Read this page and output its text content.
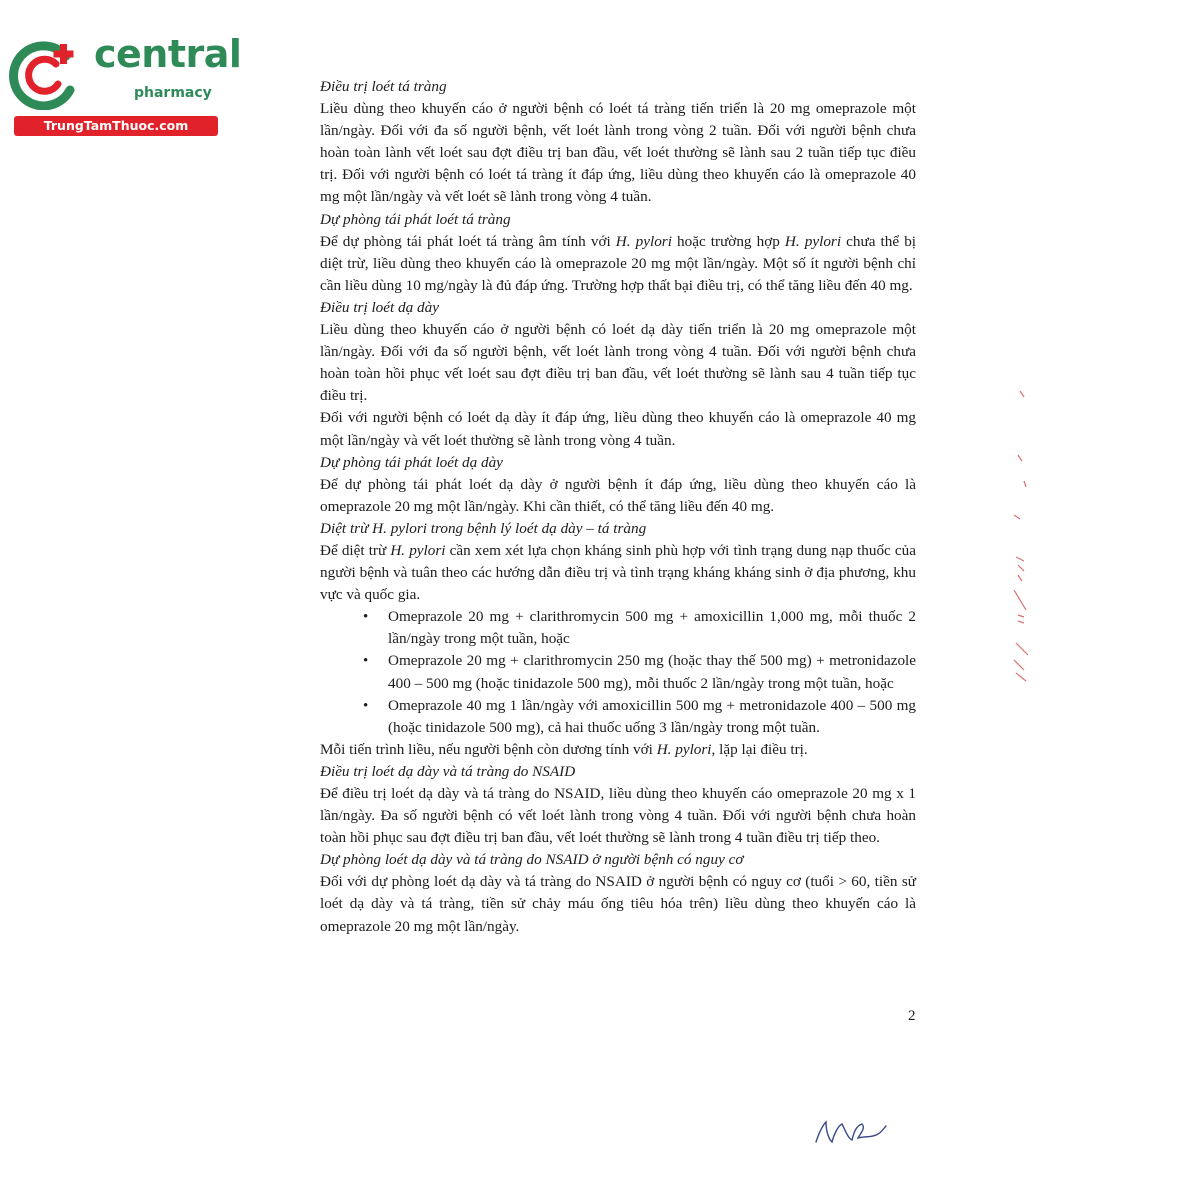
central
pharmacy
TrungTamThuoc.com

Điều trị loét tá tràng

Liều dùng theo khuyến cáo ở người bệnh có loét tá tràng tiến triển là 20 mg omeprazole một lần/ngày. Đối với đa số người bệnh, vết loét lành trong vòng 2 tuần. Đối với người bệnh chưa hoàn toàn lành vết loét sau đợt điều trị ban đầu, vết loét thường sẽ lành sau 2 tuần tiếp tục điều trị. Đối với người bệnh có loét tá tràng ít đáp ứng, liều dùng theo khuyến cáo là omeprazole 40 mg một lần/ngày và vết loét sẽ lành trong vòng 4 tuần.

Dự phòng tái phát loét tá tràng

Để dự phòng tái phát loét tá tràng âm tính với H. pylori hoặc trường hợp H. pylori chưa thể bị diệt trừ, liều dùng theo khuyến cáo là omeprazole 20 mg một lần/ngày. Một số ít người bệnh chỉ cần liều dùng 10 mg/ngày là đủ đáp ứng. Trường hợp thất bại điều trị, có thể tăng liều đến 40 mg.

Điều trị loét dạ dày

Liều dùng theo khuyến cáo ở người bệnh có loét dạ dày tiến triển là 20 mg omeprazole một lần/ngày. Đối với đa số người bệnh, vết loét lành trong vòng 4 tuần. Đối với người bệnh chưa hoàn toàn hồi phục vết loét sau đợt điều trị ban đầu, vết loét thường sẽ lành sau 4 tuần tiếp tục điều trị.

Đối với người bệnh có loét dạ dày ít đáp ứng, liều dùng theo khuyến cáo là omeprazole 40 mg một lần/ngày và vết loét thường sẽ lành trong vòng 4 tuần.

Dự phòng tái phát loét dạ dày

Để dự phòng tái phát loét dạ dày ở người bệnh ít đáp ứng, liều dùng theo khuyến cáo là omeprazole 20 mg một lần/ngày. Khi cần thiết, có thể tăng liều đến 40 mg.

Diệt trừ H. pylori trong bệnh lý loét dạ dày – tá tràng

Để diệt trừ H. pylori cần xem xét lựa chọn kháng sinh phù hợp với tình trạng dung nạp thuốc của người bệnh và tuân theo các hướng dẫn điều trị và tình trạng kháng kháng sinh ở địa phương, khu vực và quốc gia.

• Omeprazole 20 mg + clarithromycin 500 mg + amoxicillin 1,000 mg, mỗi thuốc 2 lần/ngày trong một tuần, hoặc
• Omeprazole 20 mg + clarithromycin 250 mg (hoặc thay thế 500 mg) + metronidazole 400 – 500 mg (hoặc tinidazole 500 mg), mỗi thuốc 2 lần/ngày trong một tuần, hoặc
• Omeprazole 40 mg 1 lần/ngày với amoxicillin 500 mg + metronidazole 400 – 500 mg (hoặc tinidazole 500 mg), cả hai thuốc uống 3 lần/ngày trong một tuần.

Mỗi tiến trình liều, nếu người bệnh còn dương tính với H. pylori, lặp lại điều trị.

Điều trị loét dạ dày và tá tràng do NSAID

Để điều trị loét dạ dày và tá tràng do NSAID, liều dùng theo khuyến cáo omeprazole 20 mg x 1 lần/ngày. Đa số người bệnh có vết loét lành trong vòng 4 tuần. Đối với người bệnh chưa hoàn toàn hồi phục sau đợt điều trị ban đầu, vết loét thường sẽ lành trong 4 tuần điều trị tiếp theo.

Dự phòng loét dạ dày và tá tràng do NSAID ở người bệnh có nguy cơ

Đối với dự phòng loét dạ dày và tá tràng do NSAID ở người bệnh có nguy cơ (tuổi > 60, tiền sử loét dạ dày và tá tràng, tiền sử chảy máu ống tiêu hóa trên) liều dùng theo khuyến cáo là omeprazole 20 mg một lần/ngày.

2
